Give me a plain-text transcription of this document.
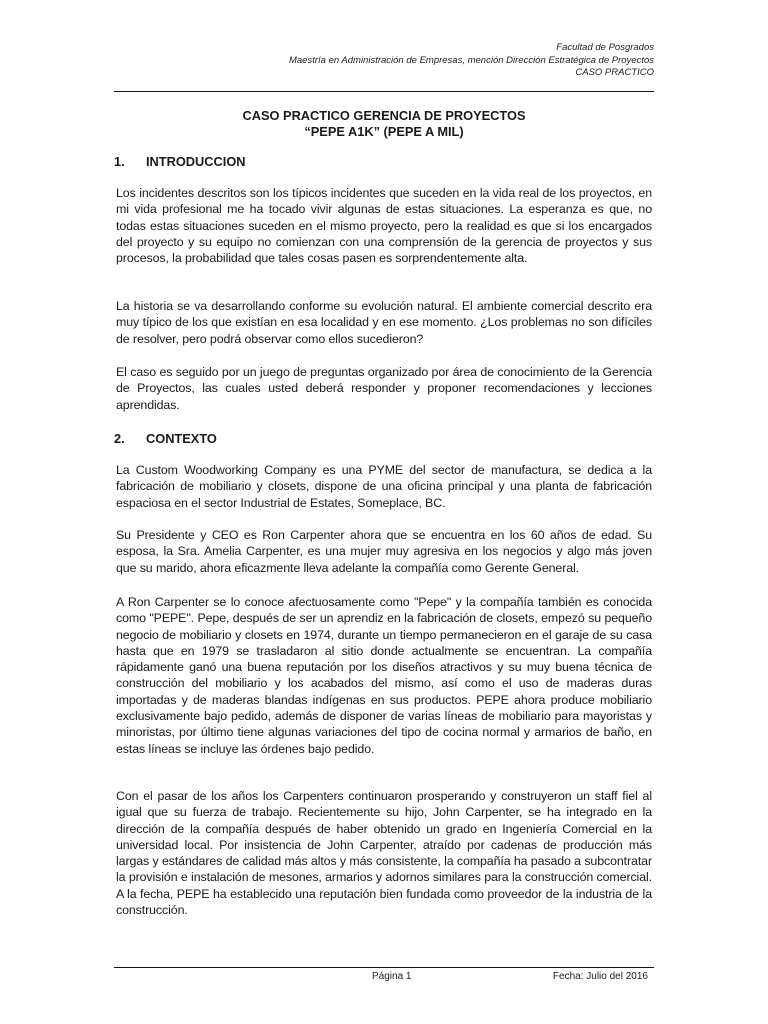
Facultad de Posgrados
Maestría en Administración de Empresas, mención Dirección Estratégica de Proyectos
CASO PRACTICO
CASO PRACTICO GERENCIA DE PROYECTOS
“PEPE A1K” (PEPE A MIL)
1. INTRODUCCION
Los incidentes descritos son los típicos incidentes que suceden en la vida real de los proyectos, en mi vida profesional me ha tocado vivir algunas de estas situaciones. La esperanza es que, no todas estas situaciones suceden en el mismo proyecto, pero la realidad es que si los encargados del proyecto y su equipo no comienzan con una comprensión de la gerencia de proyectos y sus procesos, la probabilidad que tales cosas pasen es sorprendentemente alta.
La historia se va desarrollando conforme su evolución natural. El ambiente comercial descrito era muy típico de los que existían en esa localidad y en ese momento. ¿Los problemas no son difíciles de resolver, pero podrá observar como ellos sucedieron?
El caso es seguido por un juego de preguntas organizado por área de conocimiento de la Gerencia de Proyectos, las cuales usted deberá responder y proponer recomendaciones y lecciones aprendidas.
2. CONTEXTO
La Custom Woodworking Company es una PYME del sector de manufactura, se dedica a la fabricación de mobiliario y closets, dispone de una oficina principal y una planta de fabricación espaciosa en el sector Industrial de Estates, Someplace, BC.
Su Presidente y CEO es Ron Carpenter ahora que se encuentra en los 60 años de edad. Su esposa, la Sra. Amelia Carpenter, es una mujer muy agresiva en los negocios y algo más joven que su marido, ahora eficazmente lleva adelante la compañía como Gerente General.
A Ron Carpenter se lo conoce afectuosamente como "Pepe" y la compañía también es conocida como "PEPE". Pepe, después de ser un aprendiz en la fabricación de closets, empezó su pequeño negocio de mobiliario y closets en 1974, durante un tiempo permanecieron en el garaje de su casa hasta que en 1979 se trasladaron al sitio donde actualmente se encuentran. La compañía rápidamente ganó una buena reputación por los diseños atractivos y su muy buena técnica de construcción del mobiliario y los acabados del mismo, así como el uso de maderas duras importadas y de maderas blandas indígenas en sus productos. PEPE ahora produce mobiliario exclusivamente bajo pedido, además de disponer de varias líneas de mobiliario para mayoristas y minoristas, por último tiene algunas variaciones del tipo de cocina normal y armarios de baño, en estas líneas se incluye las órdenes bajo pedido.
Con el pasar de los años los Carpenters continuaron prosperando y construyeron un staff fiel al igual que su fuerza de trabajo. Recientemente su hijo, John Carpenter, se ha integrado en la dirección de la compañía después de haber obtenido un grado en Ingeniería Comercial en la universidad local. Por insistencia de John Carpenter, atraído por cadenas de producción más largas y estándares de calidad más altos y más consistente, la compañía ha pasado a subcontratar la provisión e instalación de mesones, armarios y adornos similares para la construcción comercial. A la fecha, PEPE ha establecido una reputación bien fundada como proveedor de la industria de la construcción.
Página 1	Fecha: Julio del 2016
